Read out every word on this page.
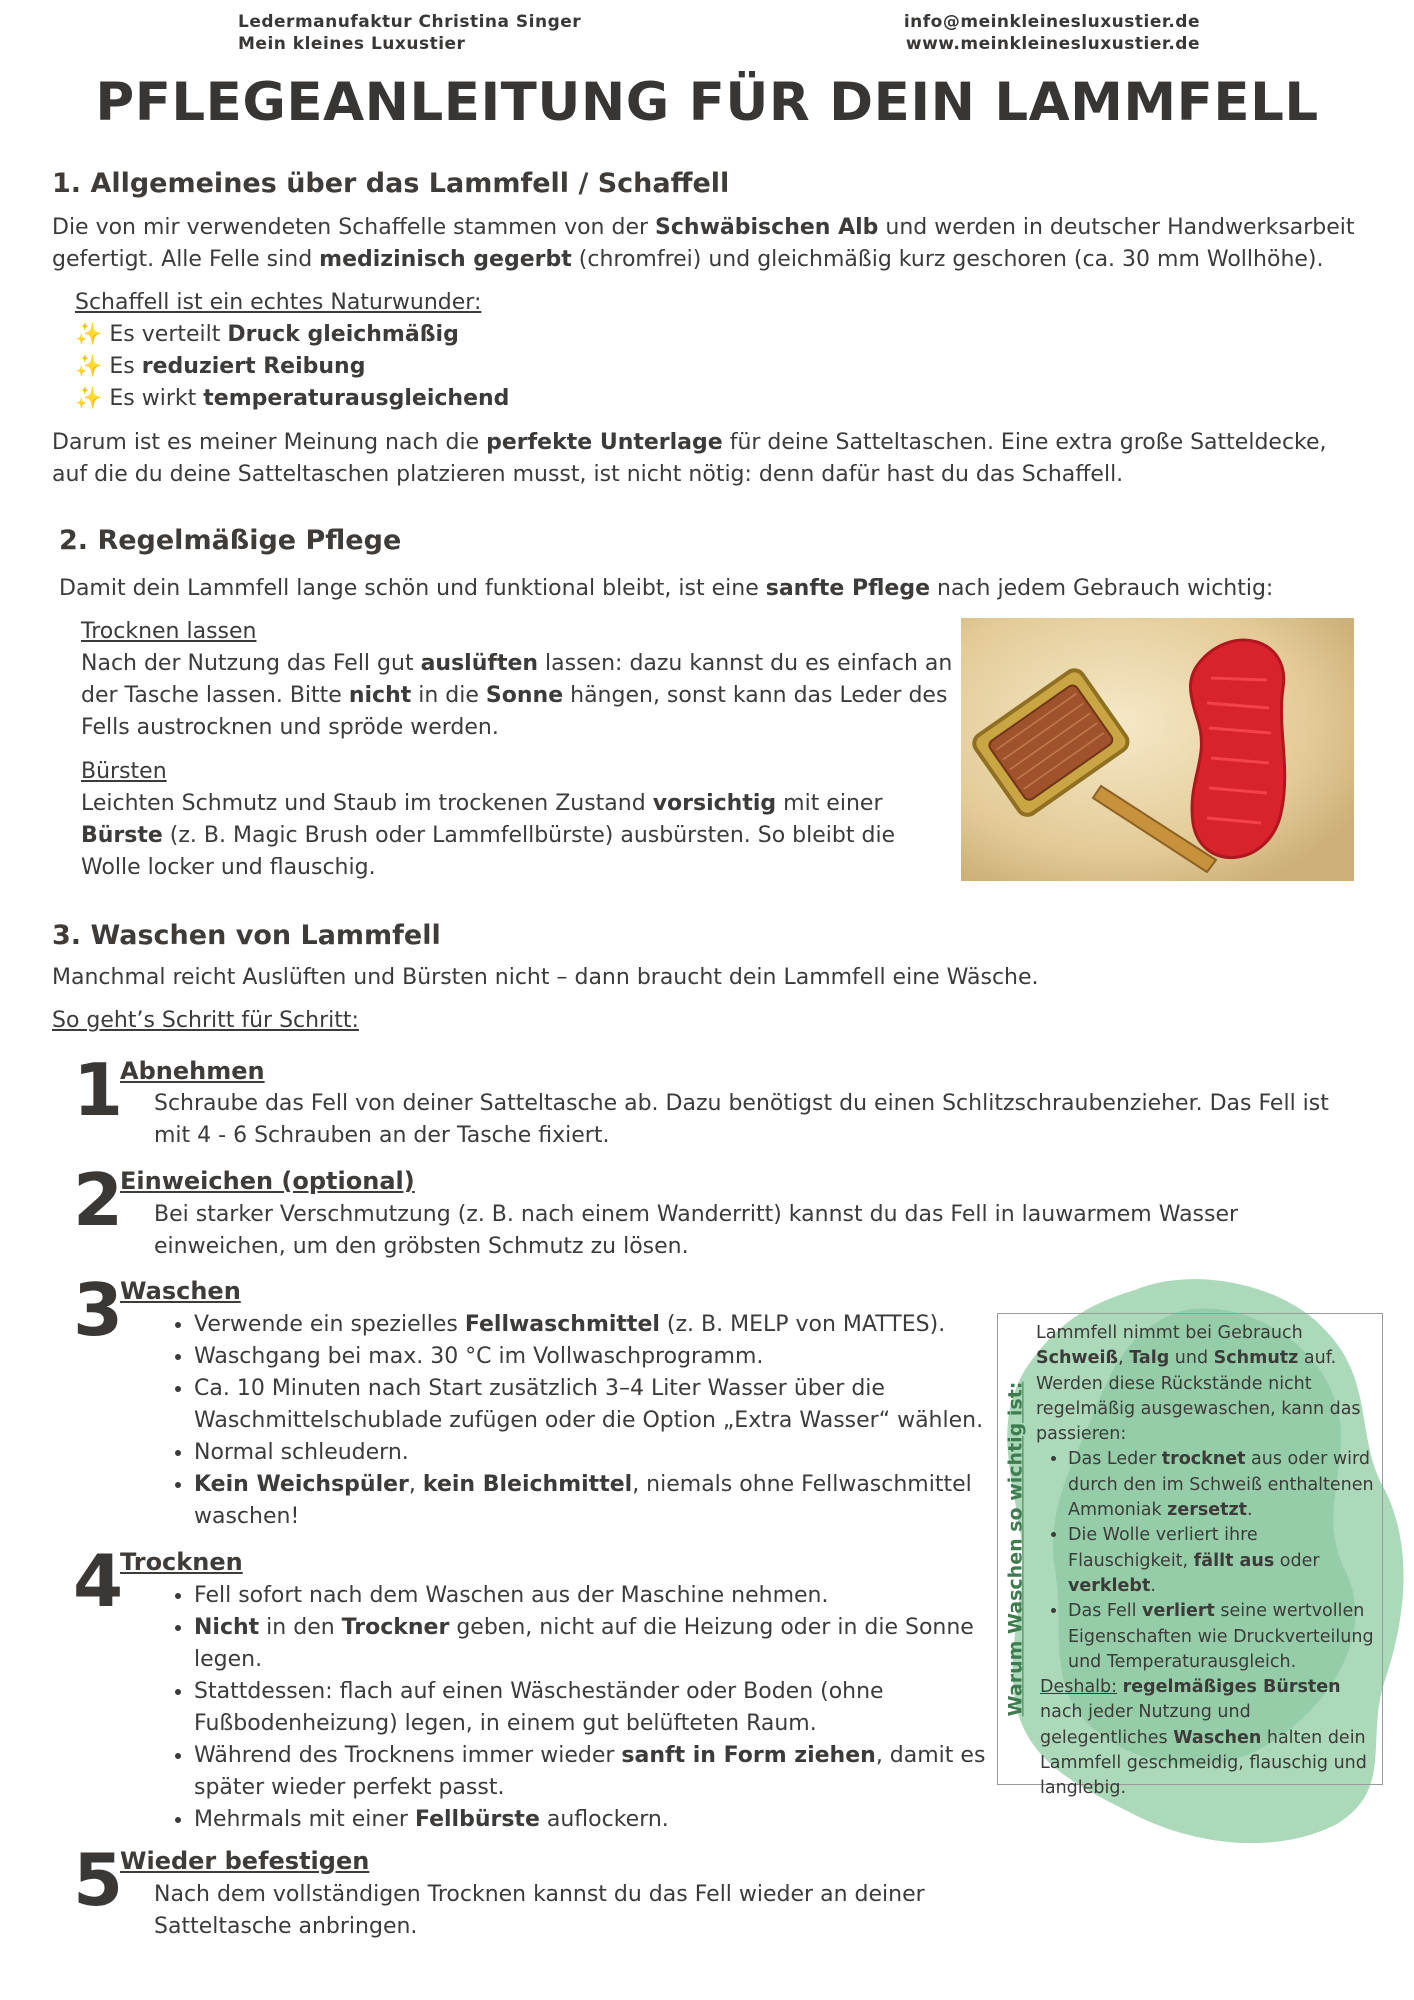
Ledermanufaktur Christina Singer
Mein kleines Luxustier
info@meinkleinesluxustier.de
www.meinkleinesluxustier.de
PFLEGEANLEITUNG FÜR DEIN LAMMFELL
1. Allgemeines über das Lammfell / Schaffell

Die von mir verwendeten Schaffelle stammen von der Schwäbischen Alb und werden in deutscher Handwerksarbeit gefertigt. Alle Felle sind medizinisch gegerbt (chromfrei) und gleichmäßig kurz geschoren (ca. 30 mm Wollhöhe).

Schaffell ist ein echtes Naturwunder:
✨ Es verteilt Druck gleichmäßig
✨ Es reduziert Reibung
✨ Es wirkt temperaturausgleichend

Darum ist es meiner Meinung nach die perfekte Unterlage für deine Satteltaschen. Eine extra große Satteldecke, auf die du deine Satteltaschen platzieren musst, ist nicht nötig: denn dafür hast du das Schaffell.

2. Regelmäßige Pflege

Damit dein Lammfell lange schön und funktional bleibt, ist eine sanfte Pflege nach jedem Gebrauch wichtig:

Trocknen lassen
Nach der Nutzung das Fell gut auslüften lassen: dazu kannst du es einfach an der Tasche lassen. Bitte nicht in die Sonne hängen, sonst kann das Leder des Fells austrocknen und spröde werden.
Bürsten
Leichten Schmutz und Staub im trockenen Zustand vorsichtig mit einer Bürste (z. B. Magic Brush oder Lammfellbürste) ausbürsten. So bleibt die Wolle locker und flauschig.
3. Waschen von Lammfell

Manchmal reicht Auslüften und Bürsten nicht – dann braucht dein Lammfell eine Wäsche.

So geht’s Schritt für Schritt:

1
Abnehmen
Schraube das Fell von deiner Satteltasche ab. Dazu benötigst du einen Schlitzschraubenzieher. Das Fell ist mit 4 - 6 Schrauben an der Tasche fixiert.
2
Einweichen (optional)
Bei starker Verschmutzung (z. B. nach einem Wanderritt) kannst du das Fell in lauwarmem Wasser einweichen, um den gröbsten Schmutz zu lösen.
3
Waschen
• Verwende ein spezielles Fellwaschmittel (z. B. MELP von MATTES).
• Waschgang bei max. 30 °C im Vollwaschprogramm.
• Ca. 10 Minuten nach Start zusätzlich 3–4 Liter Wasser über die Waschmittelschublade zufügen oder die Option „Extra Wasser“ wählen.
• Normal schleudern.
• Kein Weichspüler, kein Bleichmittel, niemals ohne Fellwaschmittel waschen!
4
Trocknen
• Fell sofort nach dem Waschen aus der Maschine nehmen.
• Nicht in den Trockner geben, nicht auf die Heizung oder in die Sonne legen.
• Stattdessen: flach auf einen Wäscheständer oder Boden (ohne Fußbodenheizung) legen, in einem gut belüfteten Raum.
• Während des Trocknens immer wieder sanft in Form ziehen, damit es später wieder perfekt passt.
• Mehrmals mit einer Fellbürste auflockern.
5
Wieder befestigen
Nach dem vollständigen Trocknen kannst du das Fell wieder an deiner Satteltasche anbringen.
Warum Waschen so wichtig ist:
Lammfell nimmt bei Gebrauch Schweiß, Talg und Schmutz auf. Werden diese Rückstände nicht regelmäßig ausgewaschen, kann das passieren:
• Das Leder trocknet aus oder wird durch den im Schweiß enthaltenen Ammoniak zersetzt.
• Die Wolle verliert ihre Flauschigkeit, fällt aus oder verklebt.
• Das Fell verliert seine wertvollen Eigenschaften wie Druckverteilung und Temperaturausgleich.
Deshalb: regelmäßiges Bürsten nach jeder Nutzung und gelegentliches Waschen halten dein Lammfell geschmeidig, flauschig und langlebig.
